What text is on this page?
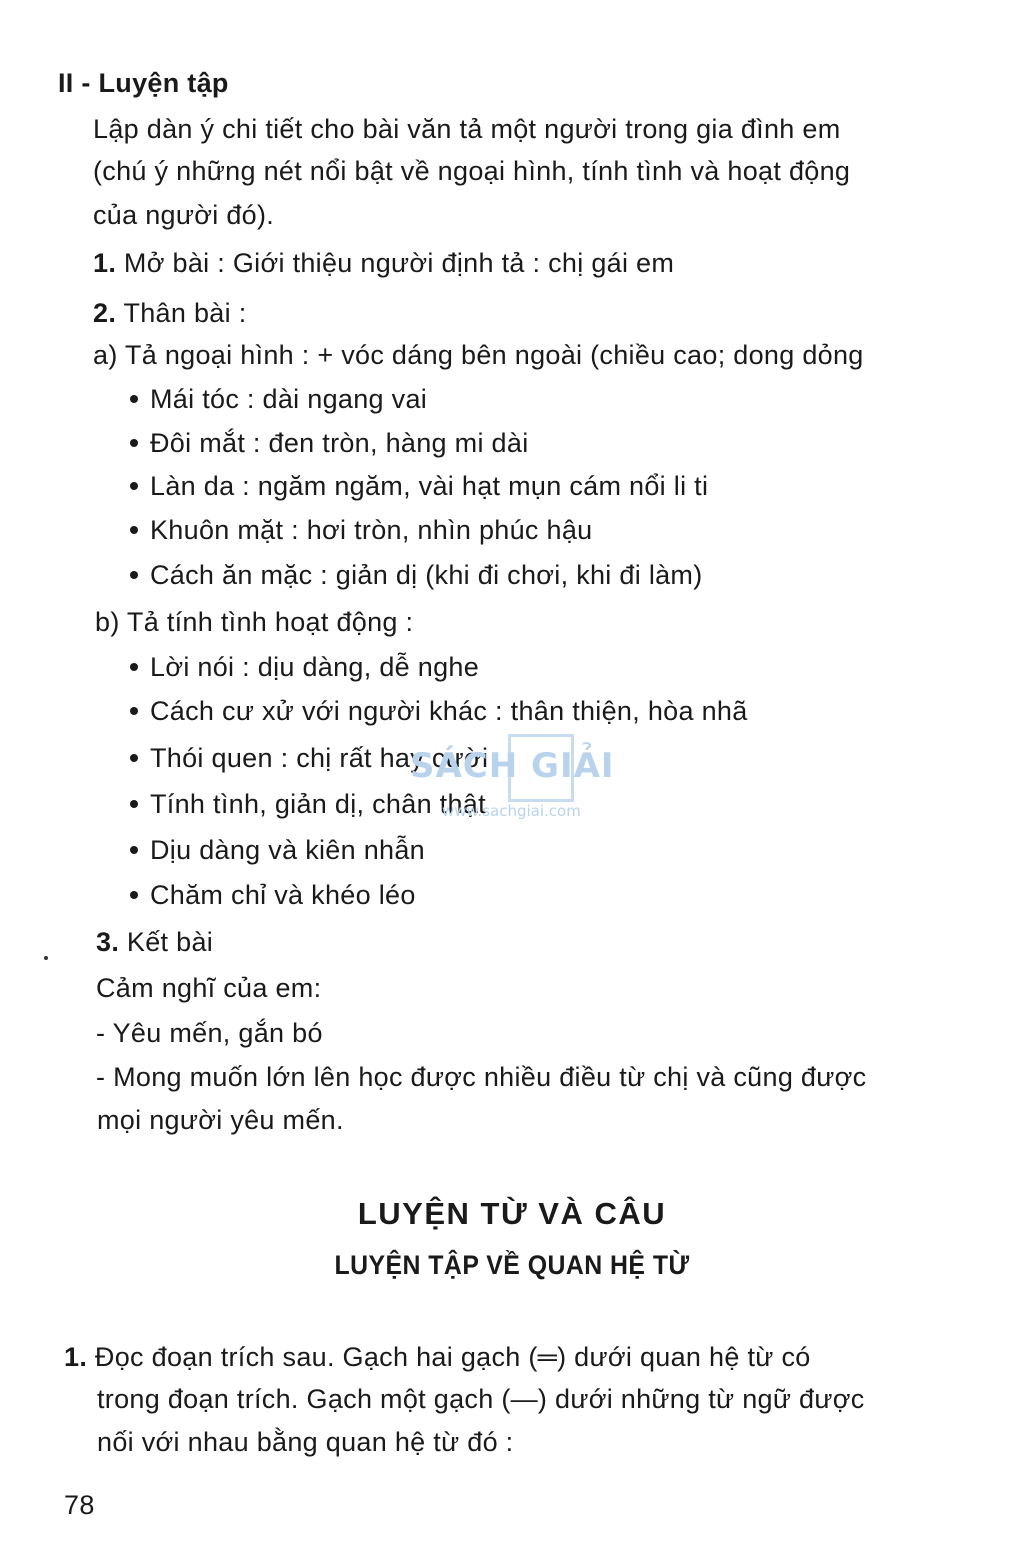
II - Luyện tập
Lập dàn ý chi tiết cho bài văn tả một người trong gia đình em
(chú ý những nét nổi bật về ngoại hình, tính tình và hoạt động
của người đó).
1. Mở bài : Giới thiệu người định tả : chị gái em
2. Thân bài :
a) Tả ngoại hình : + vóc dáng bên ngoài (chiều cao; dong dỏng
Mái tóc : dài ngang vai
Đôi mắt : đen tròn, hàng mi dài
Làn da : ngăm ngăm, vài hạt mụn cám nổi li ti
Khuôn mặt : hơi tròn, nhìn phúc hậu
Cách ăn mặc : giản dị (khi đi chơi, khi đi làm)
b) Tả tính tình hoạt động :
Lời nói : dịu dàng, dễ nghe
Cách cư xử với người khác : thân thiện, hòa nhã
Thói quen : chị rất hay cười
Tính tình, giản dị, chân thật
Dịu dàng và kiên nhẫn
Chăm chỉ và khéo léo
3. Kết bài
Cảm nghĩ của em:
- Yêu mến, gắn bó
- Mong muốn lớn lên học được nhiều điều từ chị và cũng được
mọi người yêu mến.
LUYỆN TỪ VÀ CÂU
LUYỆN TẬP VỀ QUAN HỆ TỪ
1. Đọc đoạn trích sau. Gạch hai gạch (═) dưới quan hệ từ có
trong đoạn trích. Gạch một gạch (—) dưới những từ ngữ được
nối với nhau bằng quan hệ từ đó :
78
SÁCH GIẢI
www.sachgiai.com
